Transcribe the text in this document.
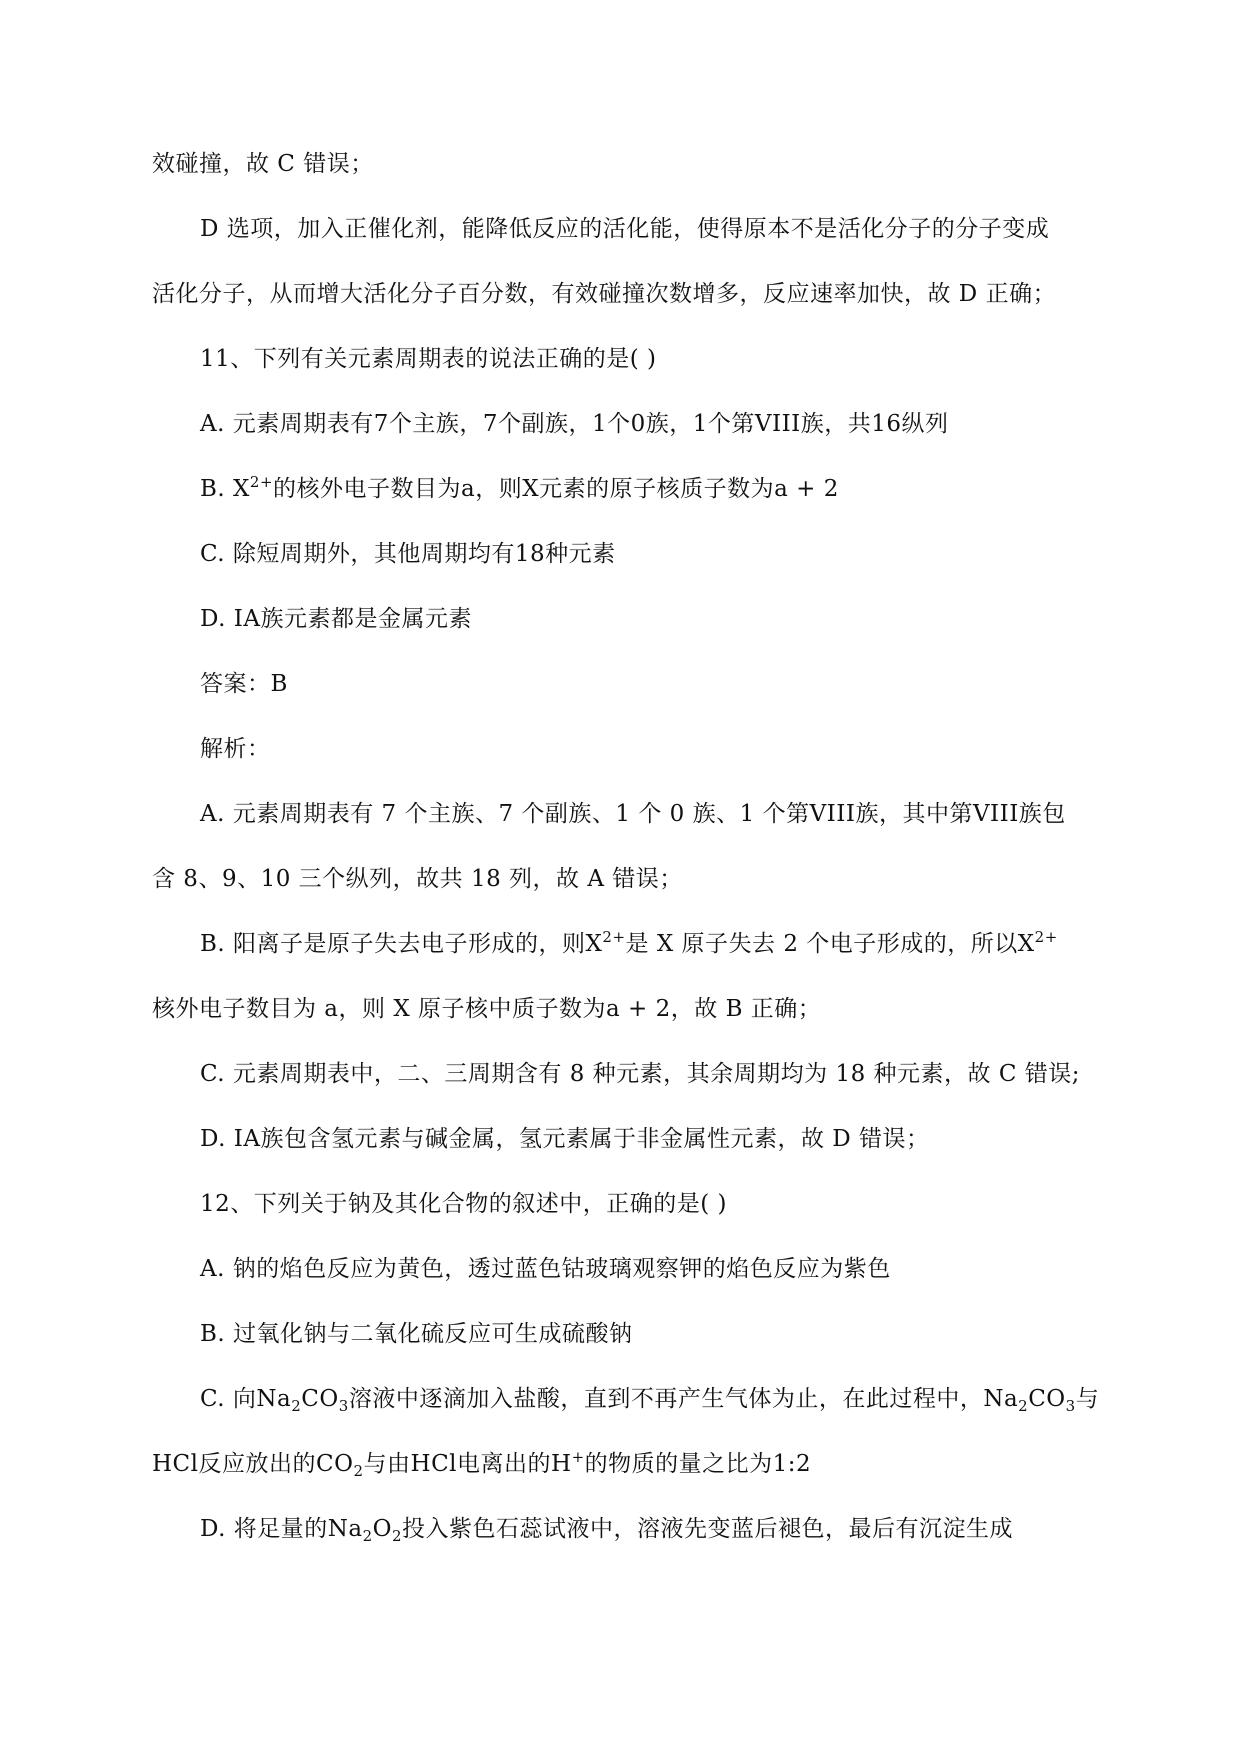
效碰撞，故 C 错误；
D 选项，加入正催化剂，能降低反应的活化能，使得原本不是活化分子的分子变成
活化分子，从而增大活化分子百分数，有效碰撞次数增多，反应速率加快，故 D 正确；
11、下列有关元素周期表的说法正确的是( )
A. 元素周期表有7个主族，7个副族，1个0族，1个第VIII族，共16纵列
B. $X^{2+}$的核外电子数目为a，则X元素的原子核质子数为a + 2
C. 除短周期外，其他周期均有18种元素
D. ⅠA族元素都是金属元素
答案：B
解析：
A. 元素周期表有 7 个主族、7 个副族、1 个 0 族、1 个第VIII族，其中第VIII族包
含 8、9、10 三个纵列，故共 18 列，故 A 错误；
B. 阳离子是原子失去电子形成的，则$X^{2+}$是 X 原子失去 2 个电子形成的，所以$X^{2+}$
核外电子数目为 a，则 X 原子核中质子数为a + 2，故 B 正确；
C. 元素周期表中，二、三周期含有 8 种元素，其余周期均为 18 种元素，故 C 错误;
D. ⅠA族包含氢元素与碱金属，氢元素属于非金属性元素，故 D 错误；
12、下列关于钠及其化合物的叙述中，正确的是( )
A. 钠的焰色反应为黄色，透过蓝色钴玻璃观察钾的焰色反应为紫色
B. 过氧化钠与二氧化硫反应可生成硫酸钠
C. 向$Na_2CO_3$溶液中逐滴加入盐酸，直到不再产生气体为止，在此过程中，$Na_2CO_3$与
HCl反应放出的$CO_2$与由HCl电离出的H+的物质的量之比为1:2
D. 将足量的$Na_2O_2$投入紫色石蕊试液中，溶液先变蓝后褪色，最后有沉淀生成
